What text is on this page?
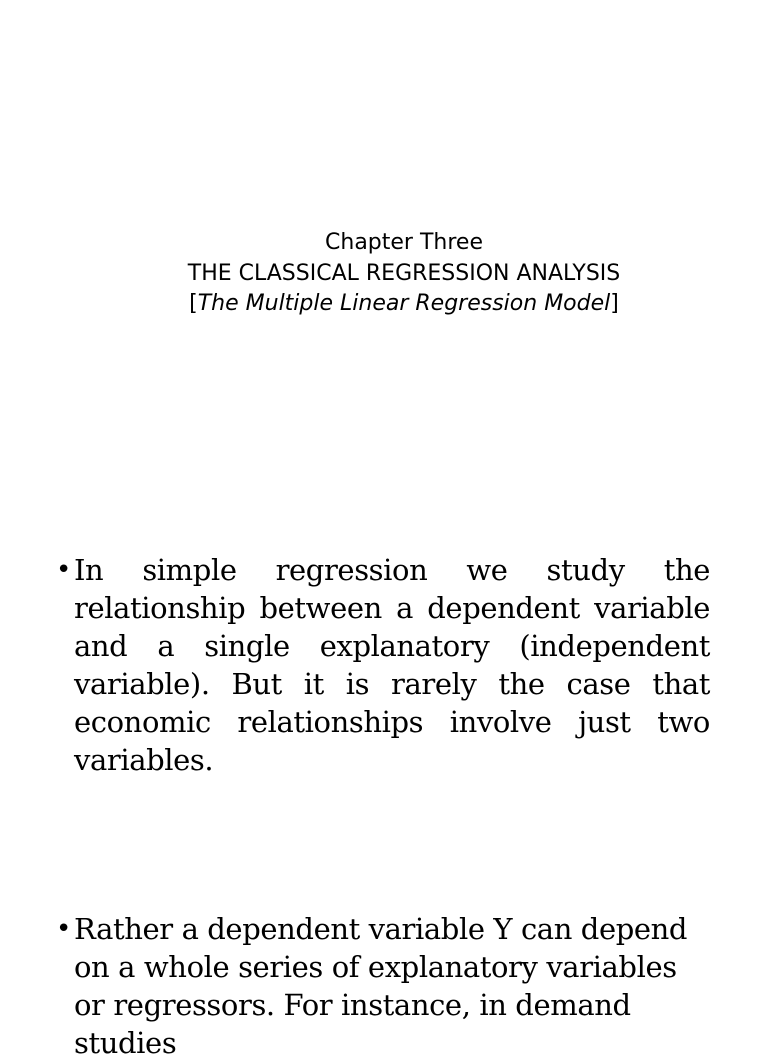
Chapter Three
THE CLASSICAL REGRESSION ANALYSIS
[The Multiple Linear Regression Model]
• In simple regression we study the relationship between a dependent variable and a single explanatory (independent variable). But it is rarely the case that economic relationships involve just two variables.
• Rather a dependent variable Y can depend on a whole series of explanatory variables or regressors. For instance, in demand studies
